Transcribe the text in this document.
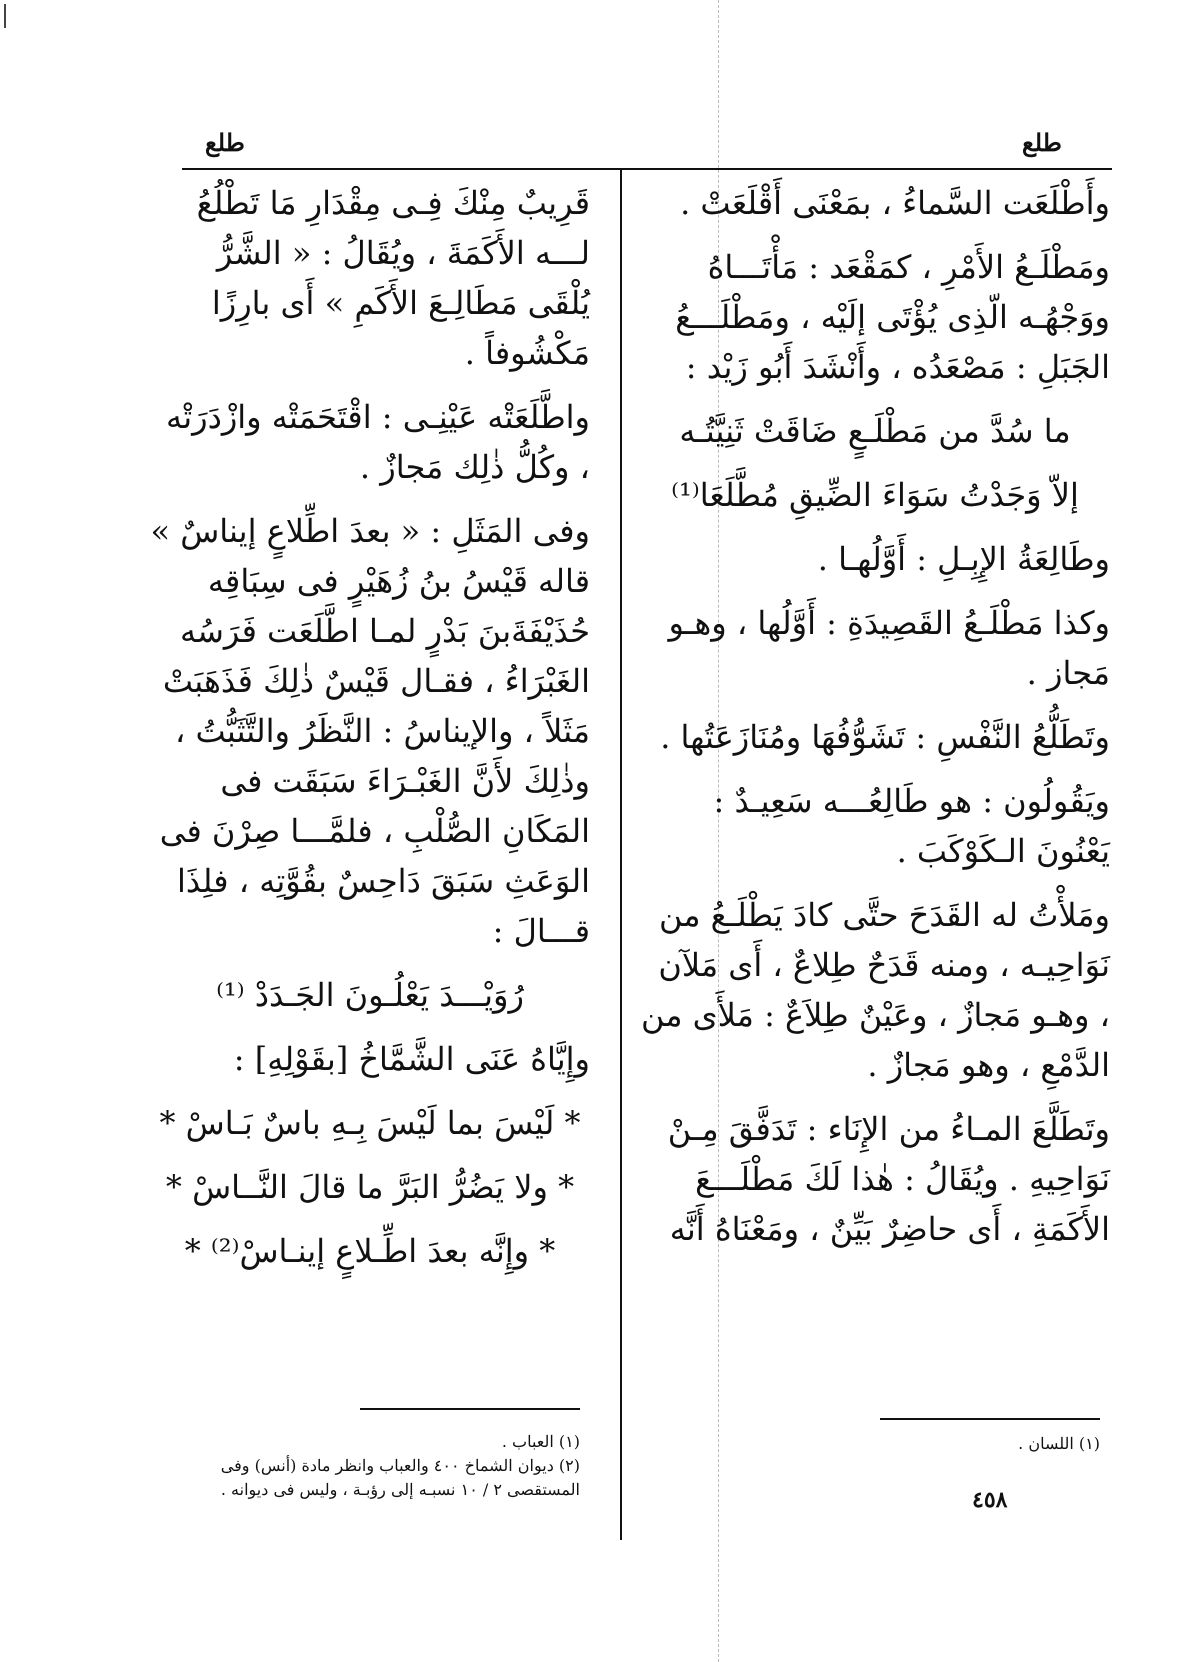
طلع	طلع

وأَطْلَعَت السَّماءُ ، بمَعْنَى أَقْلَعَتْ .

ومَطْلَـعُ الأَمْرِ ، كمَقْعَد : مَأْتَـــاهُ ووَجْهُـه الّذِى يُؤْتَى إلَيْه ، ومَطْلَـــعُ الجَبَلِ : مَصْعَدُه ، وأَنْشَدَ أَبُو زَيْد :

ما سُدَّ من مَطْلَـعٍ ضَاقَتْ ثَنِيَّتُـه

إلاّ وَجَدْتُ سَوَاءَ الضِّيقِ مُطَّلَعَا⁽¹⁾

وطَالِعَةُ الإِبِـلِ : أَوَّلُهـا .

وكذا مَطْلَـعُ القَصِيدَةِ : أَوَّلُها ، وهـو مَجاز .

وتَطَلُّعُ النَّفْسِ : تَشَوُّفُهَا ومُنَازَعَتُها .

ويَقُولُون : هو طَالِعُـــه سَعِيـدٌ : يَعْنُونَ الـكَوْكَبَ .

ومَلأْتُ له القَدَحَ حتَّى كادَ يَطْلَـعُ من نَوَاحِيـه ، ومنه قَدَحٌ طِلاعٌ ، أَى مَلآن ، وهـو مَجازٌ ، وعَيْنٌ طِلاَعٌ : مَلأَى من الدَّمْعِ ، وهو مَجازٌ .

وتَطَلَّعَ المـاءُ من الإِنَاء : تَدَفَّقَ مِـنْ نَوَاحِيهِ . ويُقَالُ : هٰذا لَكَ مَطْلَـــعَ الأَكَمَةِ ، أَى حاضِرٌ بَيِّنٌ ، ومَعْنَاهُ أَنَّه

قَرِيبٌ مِنْكَ فِـى مِقْدَارِ مَا تَطْلُعُ لـــه الأَكَمَةَ ، ويُقَالُ : « الشَّرُّ يُلْقَى مَطَالِـعَ الأَكَمِ » أَى بارِزًا مَكْشُوفاً .

واطَّلَعَتْه عَيْنِـى : اقْتَحَمَتْه وازْدَرَتْه ، وكُلُّ ذٰلِك مَجازٌ .

وفى المَثَلِ : « بعدَ اطِّلاعٍ إيناسٌ » قاله قَيْسُ بنُ زُهَيْرٍ فى سِبَاقِه حُذَيْفَةَبنَ بَدْرٍ لمـا اطَّلَعَت فَرَسُه الغَبْرَاءُ ، فقـال قَيْسٌ ذٰلِكَ فَذَهَبَتْ مَثَلاً ، والإيناسُ : النَّظَرُ والتَّثَبُّتُ ، وذٰلِكَ لأَنَّ الغَبْـرَاءَ سَبَقَت فى المَكَانِ الصُّلْبِ ، فلمَّـــا صِرْنَ فى الوَعَثِ سَبَقَ دَاحِسٌ بقُوَّتِه ، فلِذَا قـــالَ :

رُوَيْـــدَ يَعْلُـونَ الجَـدَدْ ⁽¹⁾

وإِيَّاهُ عَنَى الشَّمَّاخُ [بقَوْلِهِ] :

* لَيْسَ بما لَيْسَ بِـهِ باسٌ بَـاسْ *

* ولا يَضُرُّ البَرَّ ما قالَ النَّــاسْ *

* وإِنَّه بعدَ اطِّـلاعٍ إينـاسْ⁽²⁾ *

(١) العباب .
(٢) ديوان الشماخ ٤٠٠ والعباب وانظر مادة (أنس) وفى المستقصى ٢ / ١٠ نسبـه إلى رؤبـة ، وليس فى ديوانه .
(١) اللسان .
٤٥٨
